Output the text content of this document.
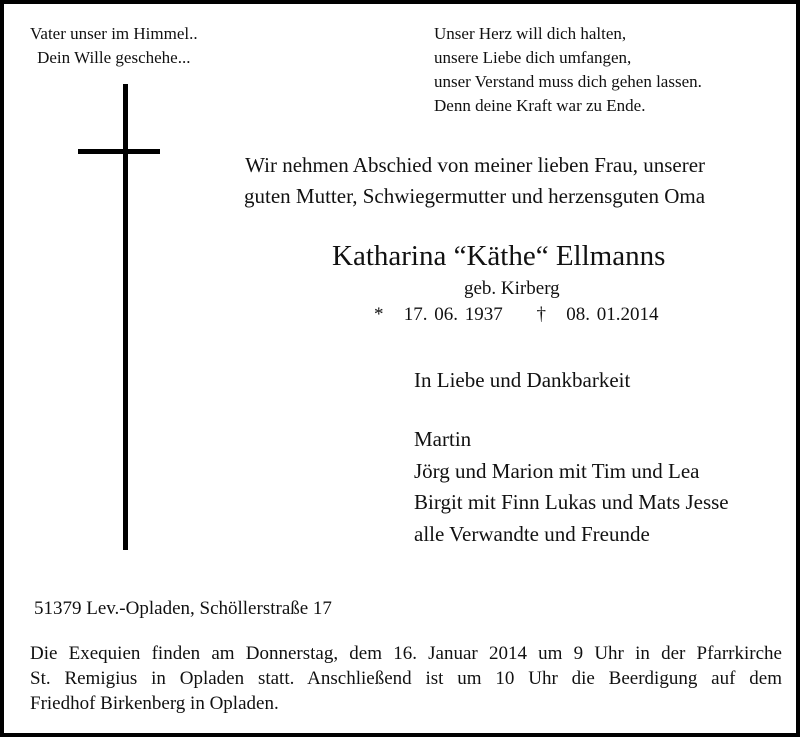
Vater unser im Himmel..
Dein Wille geschehe...
Unser Herz will dich halten,
unsere Liebe dich umfangen,
unser Verstand muss dich gehen lassen.
Denn deine Kraft war zu Ende.
Wir nehmen Abschied von meiner lieben Frau, unserer
guten Mutter, Schwiegermutter und herzensguten Oma
Katharina “Käthe“ Ellmanns
geb. Kirberg
* 17. 06. 1937 † 08. 01.2014
In Liebe und Dankbarkeit
Martin
Jörg und Marion mit Tim und Lea
Birgit mit Finn Lukas und Mats Jesse
alle Verwandte und Freunde
51379 Lev.-Opladen, Schöllerstraße 17
Die Exequien finden am Donnerstag, dem 16. Januar 2014 um 9 Uhr in der Pfarrkirche
St. Remigius in Opladen statt. Anschließend ist um 10 Uhr die Beerdigung auf dem
Friedhof Birkenberg in Opladen.
